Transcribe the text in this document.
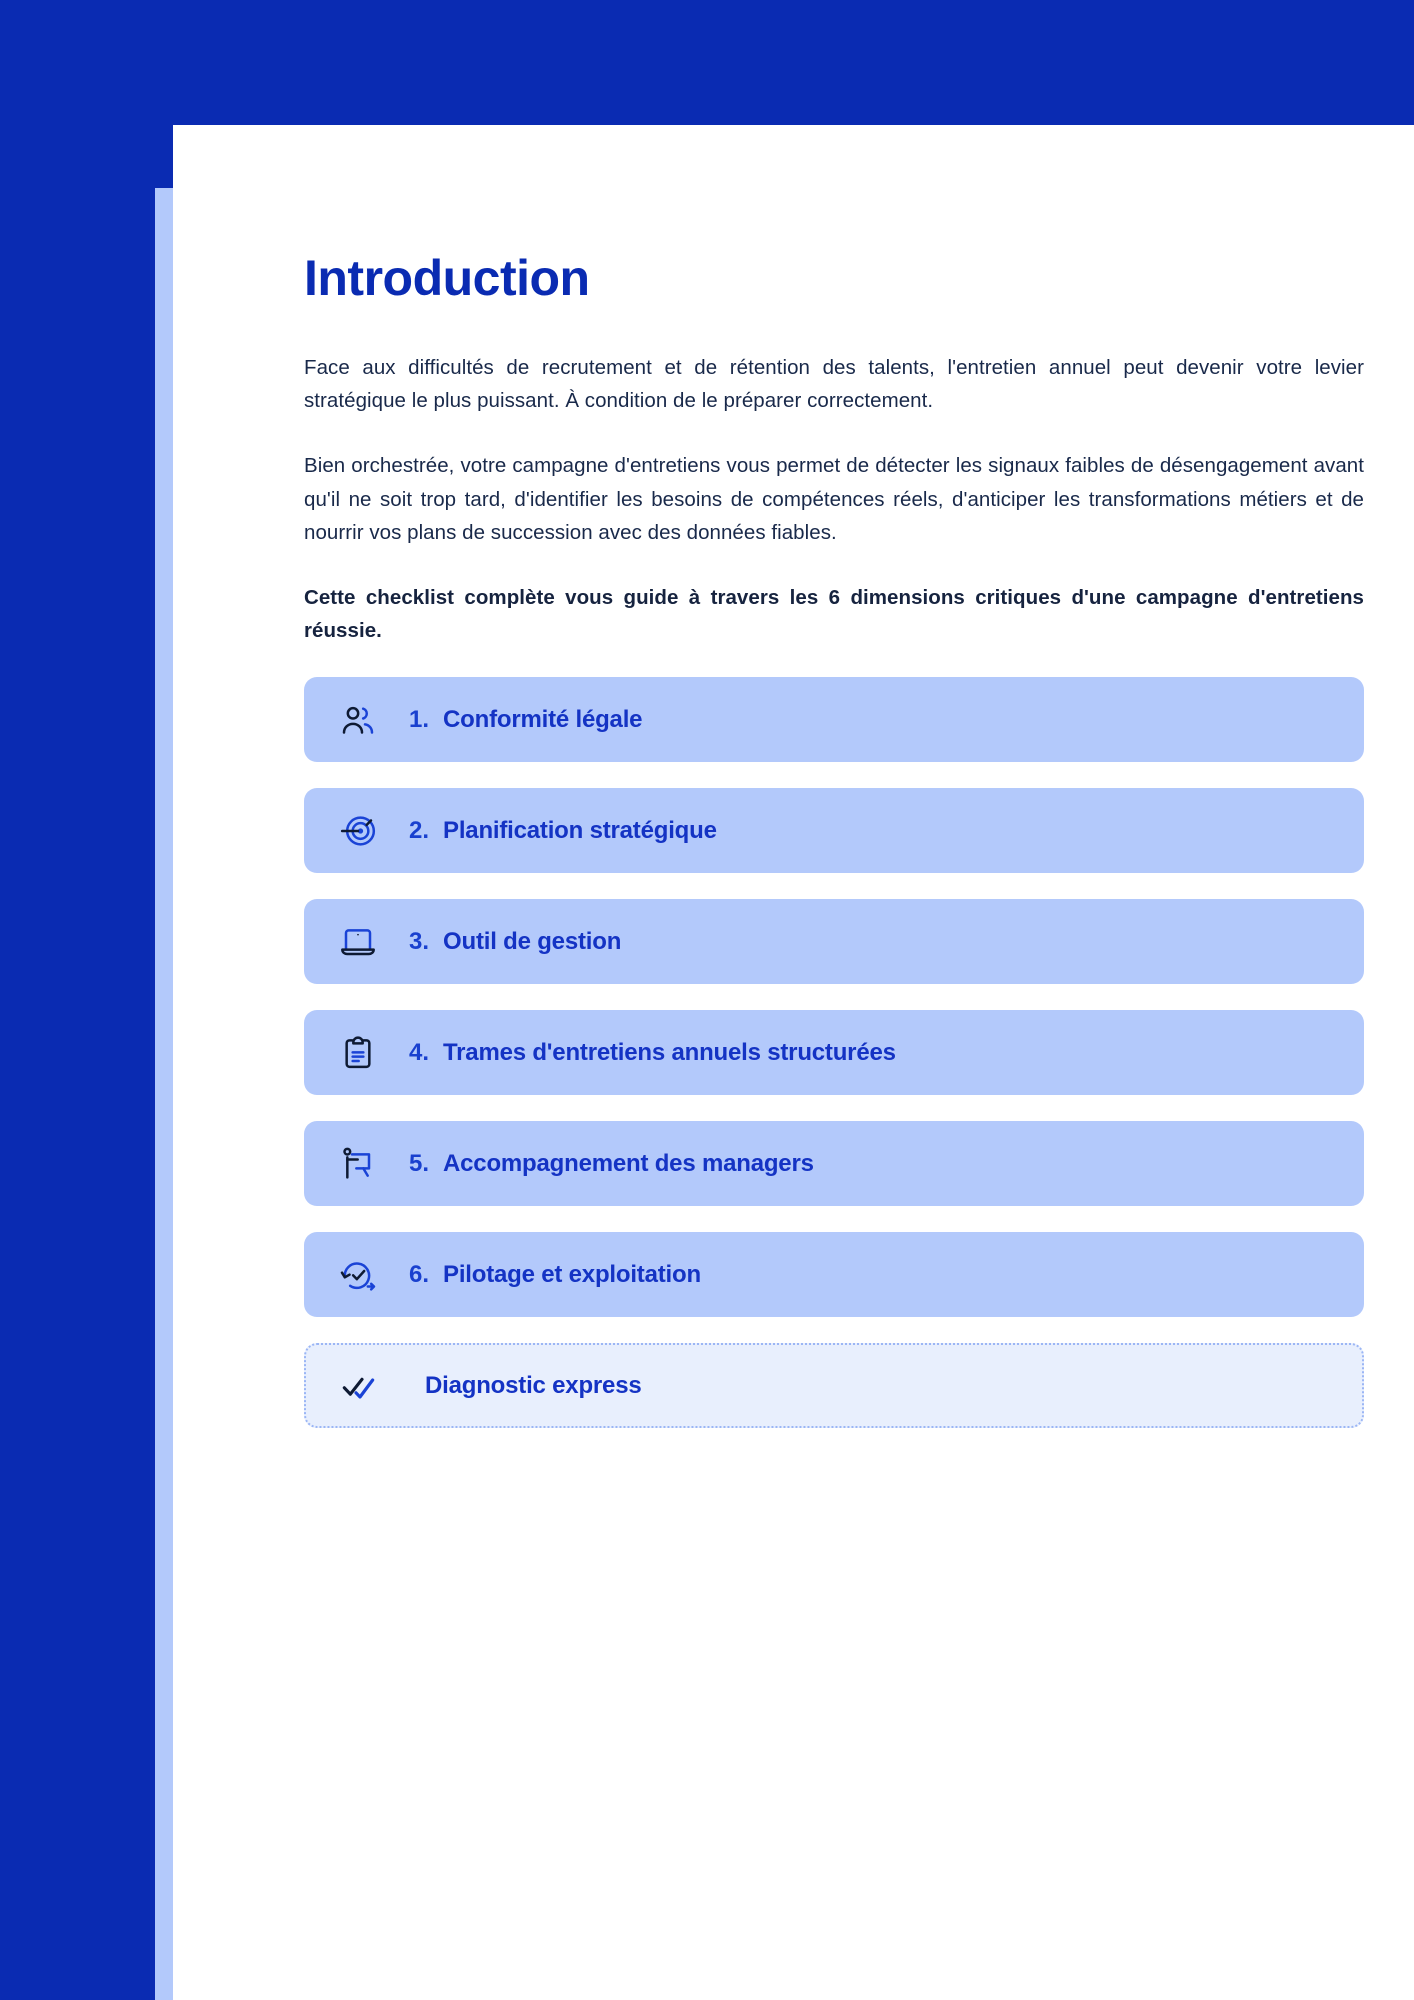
Introduction

Face aux difficultés de recrutement et de rétention des talents, l'entretien annuel peut devenir votre levier stratégique le plus puissant. À condition de le préparer correctement.

Bien orchestrée, votre campagne d'entretiens vous permet de détecter les signaux faibles de désengagement avant qu'il ne soit trop tard, d'identifier les besoins de compétences réels, d'anticiper les transformations métiers et de nourrir vos plans de succession avec des données fiables.

Cette checklist complète vous guide à travers les 6 dimensions critiques d'une campagne d'entretiens réussie.

1. Conformité légale
2. Planification stratégique
3. Outil de gestion
4. Trames d'entretiens annuels structurées
5. Accompagnement des managers
6. Pilotage et exploitation
Diagnostic express
